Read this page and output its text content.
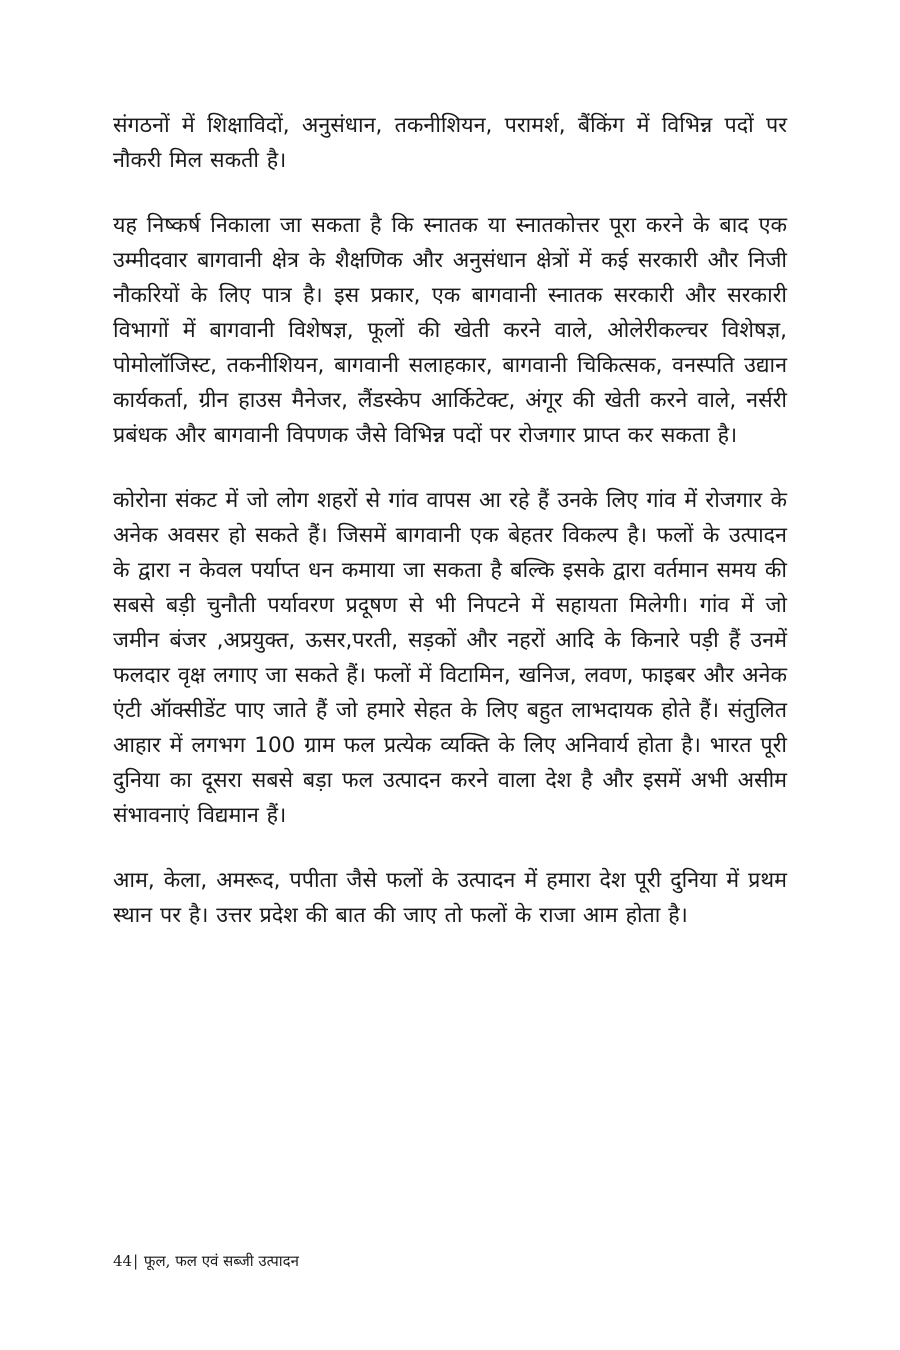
संगठनों में शिक्षाविदों, अनुसंधान, तकनीशियन, परामर्श, बैंकिंग में विभिन्न पदों पर नौकरी मिल सकती है।

यह निष्कर्ष निकाला जा सकता है कि स्नातक या स्नातकोत्तर पूरा करने के बाद एक उम्मीदवार बागवानी क्षेत्र के शैक्षणिक और अनुसंधान क्षेत्रों में कई सरकारी और निजी नौकरियों के लिए पात्र है। इस प्रकार, एक बागवानी स्नातक सरकारी और सरकारी विभागों में बागवानी विशेषज्ञ, फूलों की खेती करने वाले, ओलेरीकल्चर विशेषज्ञ, पोमोलॉजिस्ट, तकनीशियन, बागवानी सलाहकार, बागवानी चिकित्सक, वनस्पति उद्यान कार्यकर्ता, ग्रीन हाउस मैनेजर, लैंडस्केप आर्किटेक्ट, अंगूर की खेती करने वाले, नर्सरी प्रबंधक और बागवानी विपणक जैसे विभिन्न पदों पर रोजगार प्राप्त कर सकता है।

कोरोना संकट में जो लोग शहरों से गांव वापस आ रहे हैं उनके लिए गांव में रोजगार के अनेक अवसर हो सकते हैं। जिसमें बागवानी एक बेहतर विकल्प है। फलों के उत्पादन के द्वारा न केवल पर्याप्त धन कमाया जा सकता है बल्कि इसके द्वारा वर्तमान समय की सबसे बड़ी चुनौती पर्यावरण प्रदूषण से भी निपटने में सहायता मिलेगी। गांव में जो जमीन बंजर ,अप्रयुक्त, ऊसर,परती, सड़कों और नहरों आदि के किनारे पड़ी हैं उनमें फलदार वृक्ष लगाए जा सकते हैं। फलों में विटामिन, खनिज, लवण, फाइबर और अनेक एंटी ऑक्सीडेंट पाए जाते हैं जो हमारे सेहत के लिए बहुत लाभदायक होते हैं। संतुलित आहार में लगभग 100 ग्राम फल प्रत्येक व्यक्ति के लिए अनिवार्य होता है। भारत पूरी दुनिया का दूसरा सबसे बड़ा फल उत्पादन करने वाला देश है और इसमें अभी असीम संभावनाएं विद्यमान हैं।

आम, केला, अमरूद, पपीता जैसे फलों के उत्पादन में हमारा देश पूरी दुनिया में प्रथम स्थान पर है। उत्तर प्रदेश की बात की जाए तो फलों के राजा आम होता है।

44| फूल, फल एवं सब्जी उत्पादन
